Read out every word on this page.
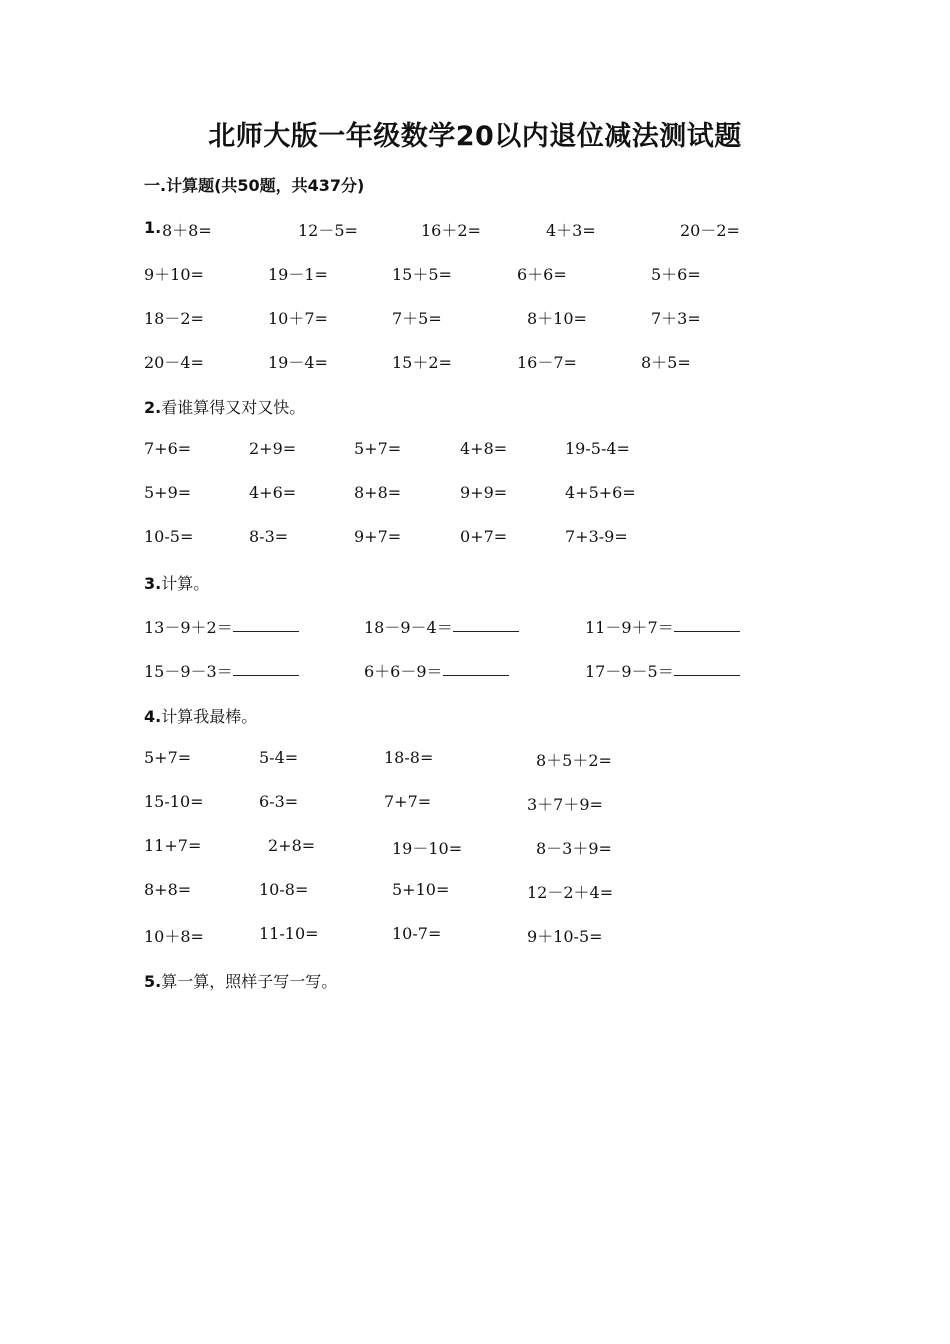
北师大版一年级数学20以内退位减法测试题
一.计算题(共50题，共437分)
1. 8＋8=	12－5=	16＋2=	4＋3=	20－2=
9＋10=	19－1=	15＋5=	6＋6=	5＋6=
18－2=	10＋7=	7＋5=	8＋10=	7＋3=
20－4=	19－4=	15＋2=	16－7=	8＋5=
2.看谁算得又对又快。
7+6=	2+9=	5+7=	4+8=	19-5-4=
5+9=	4+6=	8+8=	9+9=	4+5+6=
10-5=	8-3=	9+7=	0+7=	7+3-9=
3.计算。
13－9＋2＝	18－9－4＝	11－9＋7＝
15－9－3＝	6＋6－9＝	17－9－5＝
4.计算我最棒。
5+7=	5-4=	18-8=	8＋5＋2=
15-10=	6-3=	7+7=	3＋7＋9=
11+7=	2+8=	19－10=	8－3＋9=
8+8=	10-8=	5+10=	12－2＋4=
10＋8=	11-10=	10-7=	9＋10-5=
5.算一算，照样子写一写。
